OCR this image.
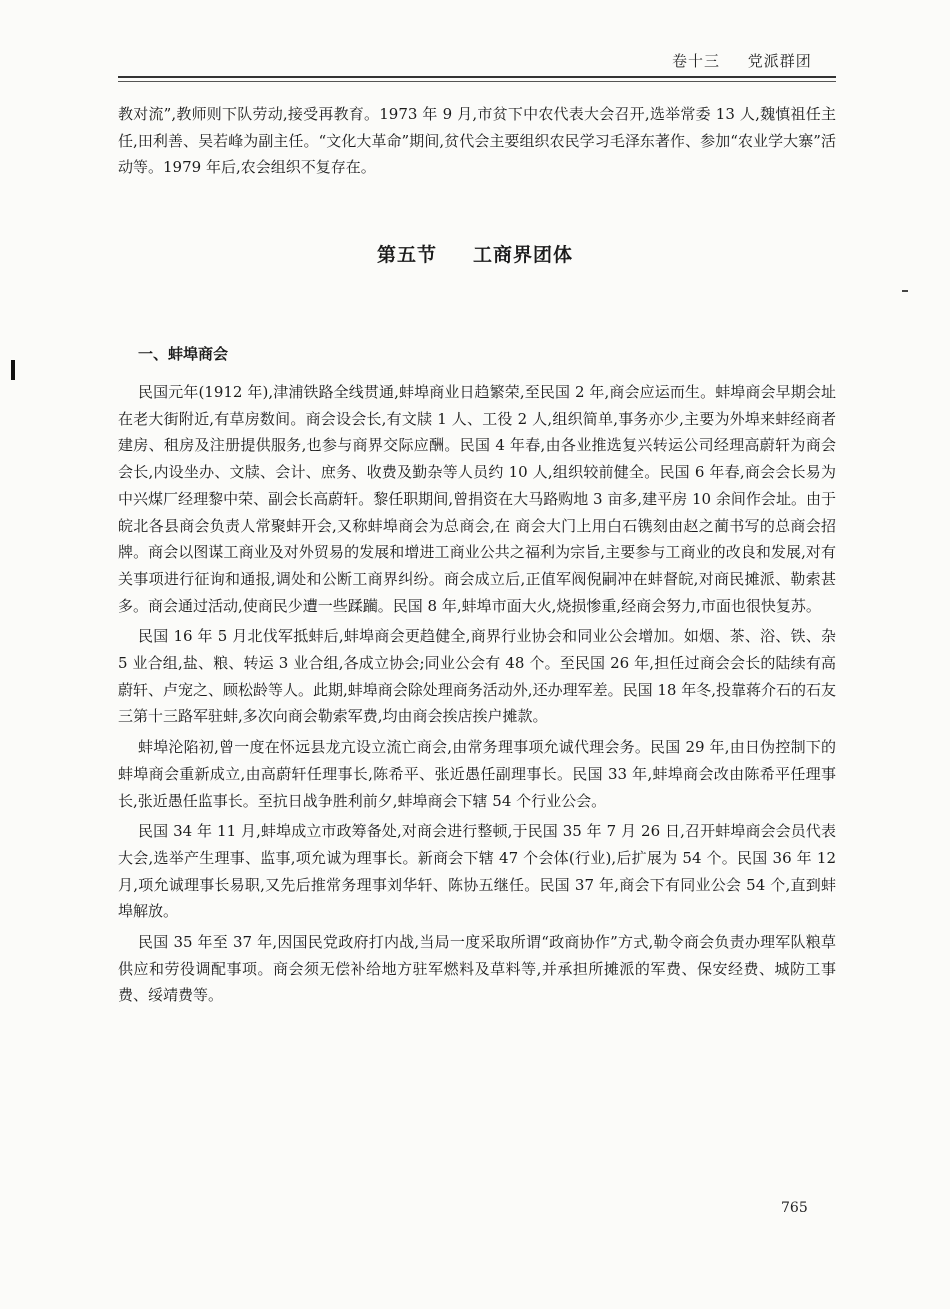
卷十三 党派群团

教对流”,教师则下队劳动,接受再教育。1973 年 9 月,市贫下中农代表大会召开,选举常委 13 人,魏慎祖任主任,田利善、吴若峰为副主任。“文化大革命”期间,贫代会主要组织农民学习毛泽东著作、参加“农业学大寨”活动等。1979 年后,农会组织不复存在。

第五节 工商界团体
一、蚌埠商会

民国元年(1912 年),津浦铁路全线贯通,蚌埠商业日趋繁荣,至民国 2 年,商会应运而生。蚌埠商会早期会址在老大街附近,有草房数间。商会设会长,有文牍 1 人、工役 2 人,组织简单,事务亦少,主要为外埠来蚌经商者建房、租房及注册提供服务,也参与商界交际应酬。民国 4 年春,由各业推选复兴转运公司经理高蔚轩为商会会长,内设坐办、文牍、会计、庶务、收费及勤杂等人员约 10 人,组织较前健全。民国 6 年春,商会会长易为中兴煤厂经理黎中荣、副会长高蔚轩。黎任职期间,曾捐资在大马路购地 3 亩多,建平房 10 余间作会址。由于皖北各县商会负责人常聚蚌开会,又称蚌埠商会为总商会,在 商会大门上用白石镌刻由赵之蔺书写的总商会招牌。商会以图谋工商业及对外贸易的发展和增进工商业公共之福利为宗旨,主要参与工商业的改良和发展,对有关事项进行征询和通报,调处和公断工商界纠纷。商会成立后,正值军阀倪嗣冲在蚌督皖,对商民摊派、勒索甚多。商会通过活动,使商民少遭一些蹂躏。民国 8 年,蚌埠市面大火,烧损惨重,经商会努力,市面也很快复苏。

民国 16 年 5 月北伐军抵蚌后,蚌埠商会更趋健全,商界行业协会和同业公会增加。如烟、茶、浴、铁、杂 5 业合组,盐、粮、转运 3 业合组,各成立协会;同业公会有 48 个。至民国 26 年,担任过商会会长的陆续有高蔚轩、卢宠之、顾松龄等人。此期,蚌埠商会除处理商务活动外,还办理军差。民国 18 年冬,投靠蒋介石的石友三第十三路军驻蚌,多次向商会勒索军费,均由商会挨店挨户摊款。

蚌埠沦陷初,曾一度在怀远县龙亢设立流亡商会,由常务理事项允诚代理会务。民国 29 年,由日伪控制下的蚌埠商会重新成立,由高蔚轩任理事长,陈希平、张近愚任副理事长。民国 33 年,蚌埠商会改由陈希平任理事长,张近愚任监事长。至抗日战争胜利前夕,蚌埠商会下辖 54 个行业公会。

民国 34 年 11 月,蚌埠成立市政筹备处,对商会进行整顿,于民国 35 年 7 月 26 日,召开蚌埠商会会员代表大会,选举产生理事、监事,项允诚为理事长。新商会下辖 47 个会体(行业),后扩展为 54 个。民国 36 年 12 月,项允诚理事长易职,又先后推常务理事刘华轩、陈协五继任。民国 37 年,商会下有同业公会 54 个,直到蚌埠解放。

民国 35 年至 37 年,因国民党政府打内战,当局一度采取所谓“政商协作”方式,勒令商会负责办理军队粮草供应和劳役调配事项。商会须无偿补给地方驻军燃料及草料等,并承担所摊派的军费、保安经费、城防工事费、绥靖费等。

765
